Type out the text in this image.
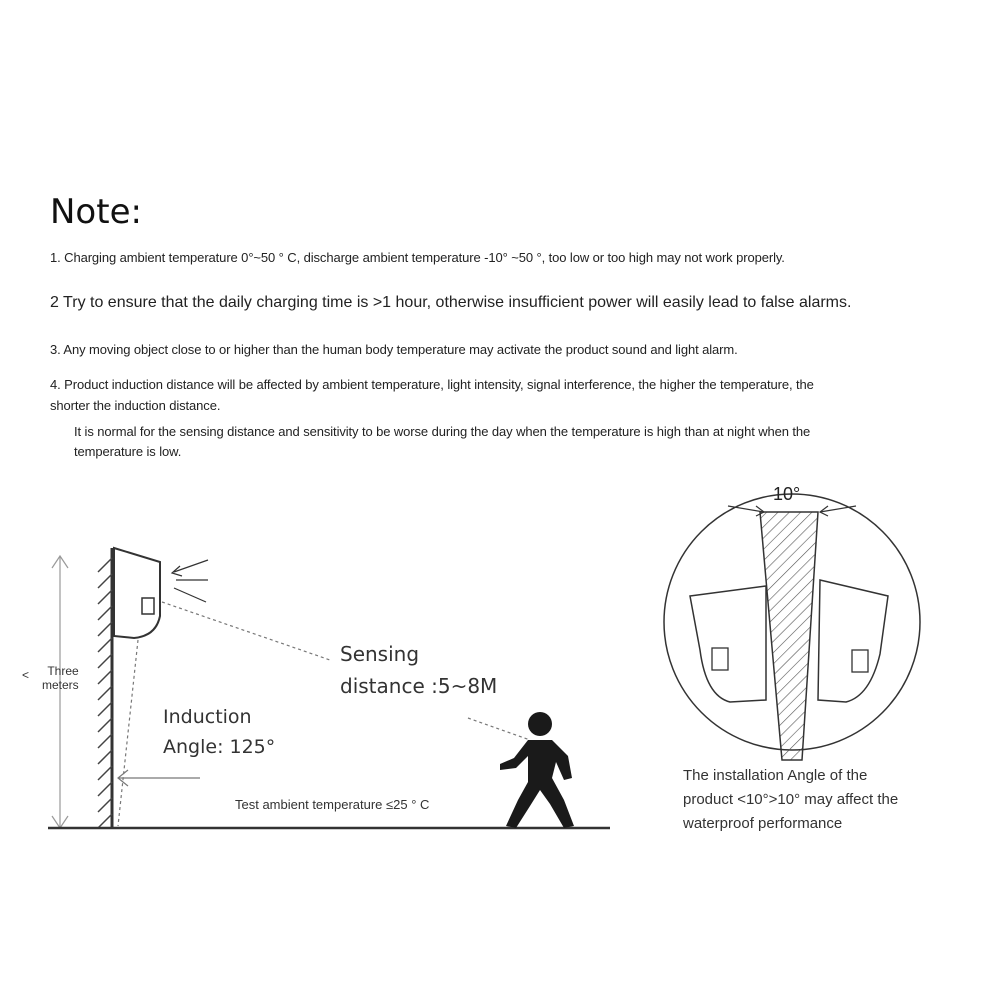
Note:
1. Charging ambient temperature 0°~50 ° C, discharge ambient temperature -10° ~50 °, too low or too high may not work properly.
2 Try to ensure that the daily charging time is >1 hour, otherwise insufficient power will easily lead to false alarms.
3. Any moving object close to or higher than the human body temperature may activate the product sound and light alarm.
4. Product induction distance will be affected by ambient temperature, light intensity, signal interference, the higher the temperature, the
shorter the induction distance.
It is normal for the sensing distance and sensitivity to be worse during the day when the temperature is high than at night when the
temperature is low.
<	Three
meters
Sensing
distance :5~8M
Induction
Angle: 125°
Test ambient temperature ≤25 ° C
10°
The installation Angle of the
product <10°>10° may affect the
waterproof performance
